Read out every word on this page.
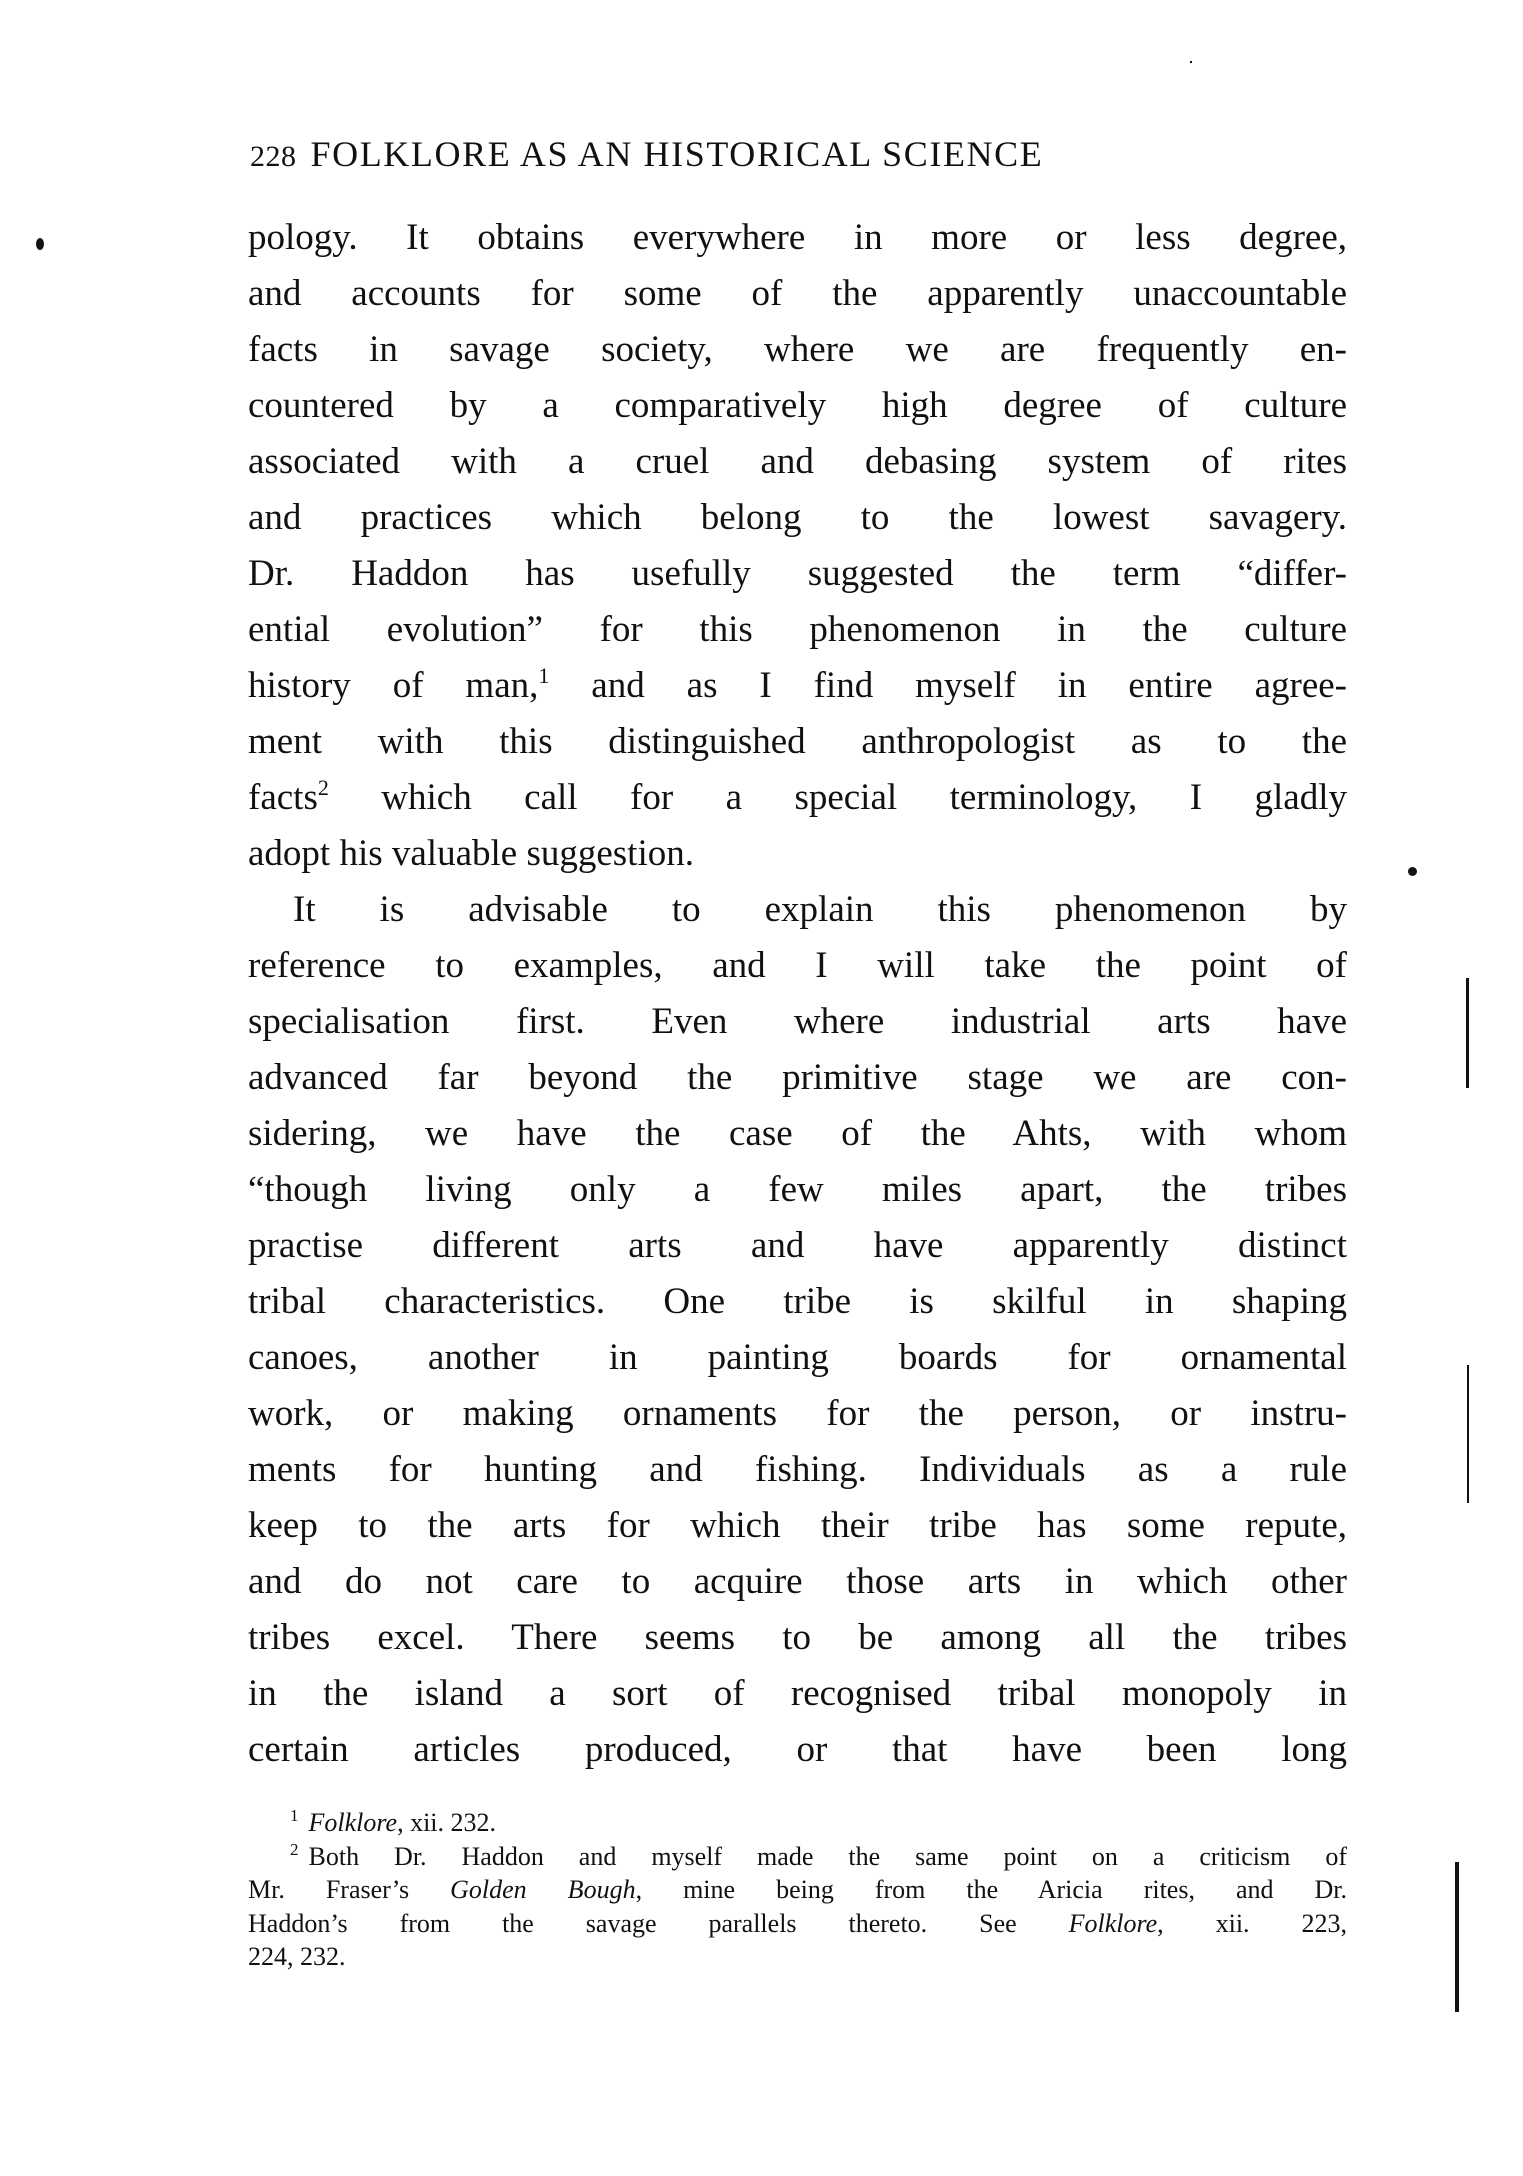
228 FOLKLORE AS AN HISTORICAL SCIENCE
pology. It obtains everywhere in more or less degree,
and accounts for some of the apparently unaccountable
facts in savage society, where we are frequently en-
countered by a comparatively high degree of culture
associated with a cruel and debasing system of rites
and practices which belong to the lowest savagery.
Dr. Haddon has usefully suggested the term “differ-
ential evolution” for this phenomenon in the culture
history of man,$^1$ and as I find myself in entire agree-
ment with this distinguished anthropologist as to the
facts$^2$ which call for a special terminology, I gladly
adopt his valuable suggestion.
It is advisable to explain this phenomenon by
reference to examples, and I will take the point of
specialisation first. Even where industrial arts have
advanced far beyond the primitive stage we are con-
sidering, we have the case of the Ahts, with whom
“though living only a few miles apart, the tribes
practise different arts and have apparently distinct
tribal characteristics. One tribe is skilful in shaping
canoes, another in painting boards for ornamental
work, or making ornaments for the person, or instru-
ments for hunting and fishing. Individuals as a rule
keep to the arts for which their tribe has some repute,
and do not care to acquire those arts in which other
tribes excel. There seems to be among all the tribes
in the island a sort of recognised tribal monopoly in
certain articles produced, or that have been long
$^1$ Folklore, xii. 232.
$^2$ Both Dr. Haddon and myself made the same point on a criticism of
Mr. Fraser’s Golden Bough, mine being from the Aricia rites, and Dr.
Haddon’s from the savage parallels thereto. See Folklore, xii. 223,
224, 232.
